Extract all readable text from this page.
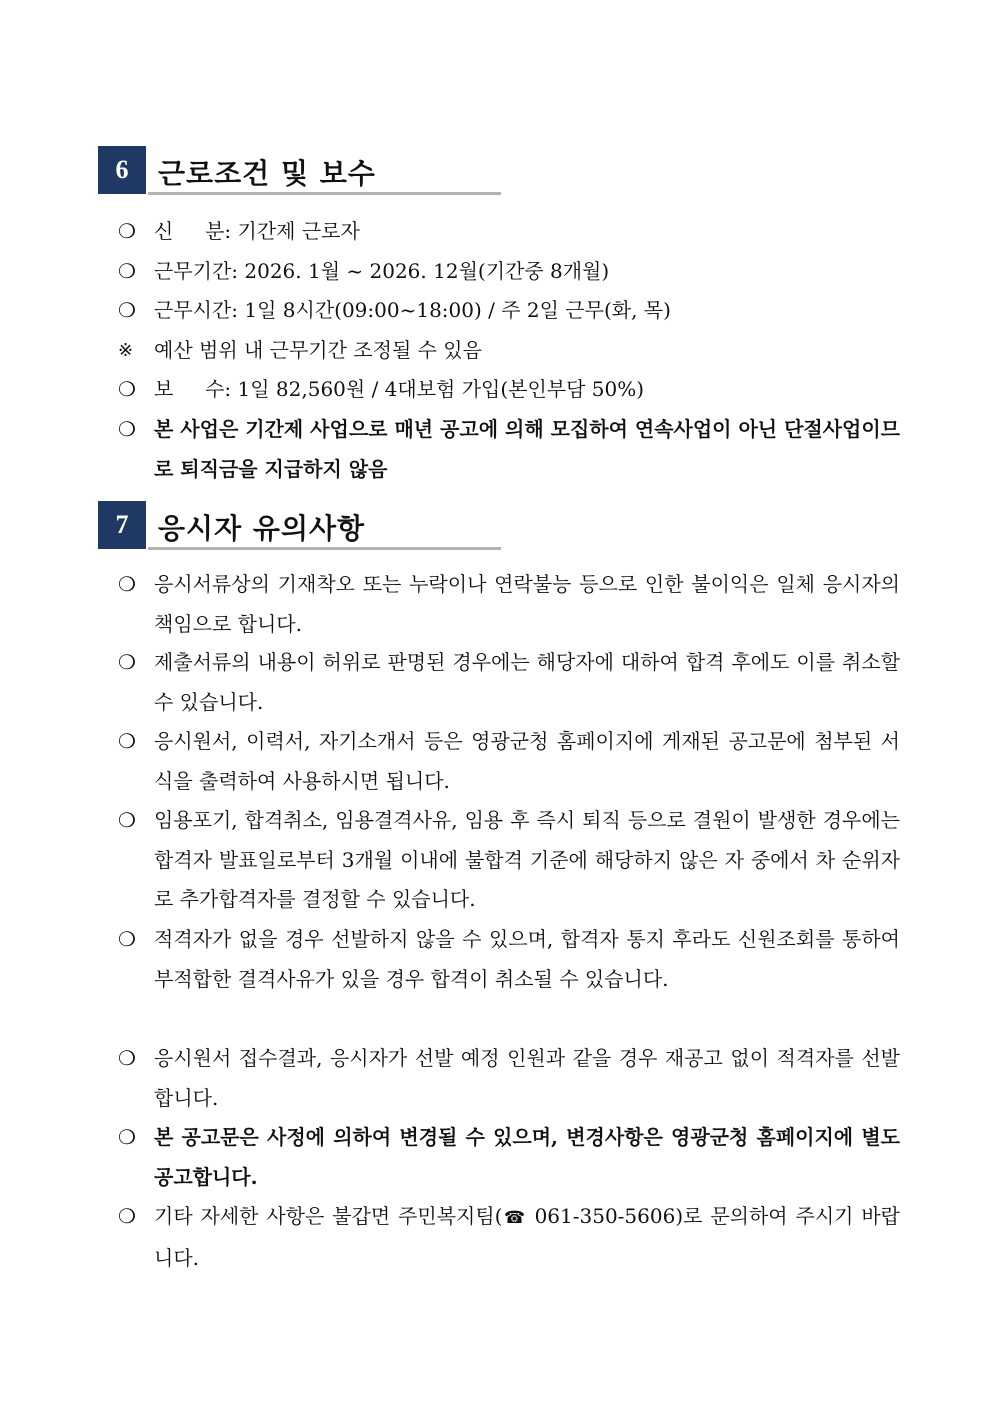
6	근로조건 및 보수
❍ 신     분: 기간제 근로자
❍ 근무기간: 2026. 1월 ~ 2026. 12월(기간중 8개월)
❍ 근무시간: 1일 8시간(09:00~18:00) / 주 2일 근무(화, 목)
※	예산 범위 내 근무기간 조정될 수 있음
❍ 보     수: 1일 82,560원 / 4대보험 가입(본인부담 50%)
❍ 본 사업은 기간제 사업으로 매년 공고에 의해 모집하여 연속사업이 아닌 단절사업이므로 퇴직금을 지급하지 않음
7	응시자 유의사항
❍ 응시서류상의 기재착오 또는 누락이나 연락불능 등으로 인한 불이익은 일체 응시자의 책임으로 합니다.
❍ 제출서류의 내용이 허위로 판명된 경우에는 해당자에 대하여 합격 후에도 이를 취소할 수 있습니다.
❍ 응시원서, 이력서, 자기소개서 등은 영광군청 홈페이지에 게재된 공고문에 첨부된 서식을 출력하여 사용하시면 됩니다.
❍ 임용포기, 합격취소, 임용결격사유, 임용 후 즉시 퇴직 등으로 결원이 발생한 경우에는 합격자 발표일로부터 3개월 이내에 불합격 기준에 해당하지 않은 자 중에서 차 순위자로 추가합격자를 결정할 수 있습니다.
❍ 적격자가 없을 경우 선발하지 않을 수 있으며, 합격자 통지 후라도 신원조회를 통하여 부적합한 결격사유가 있을 경우 합격이 취소될 수 있습니다.
❍ 응시원서 접수결과, 응시자가 선발 예정 인원과 같을 경우 재공고 없이 적격자를 선발합니다.
❍ 본 공고문은 사정에 의하여 변경될 수 있으며, 변경사항은 영광군청 홈페이지에 별도 공고합니다.
❍ 기타 자세한 사항은 불갑면 주민복지팀(☎ 061-350-5606)로 문의하여 주시기 바랍니다.
